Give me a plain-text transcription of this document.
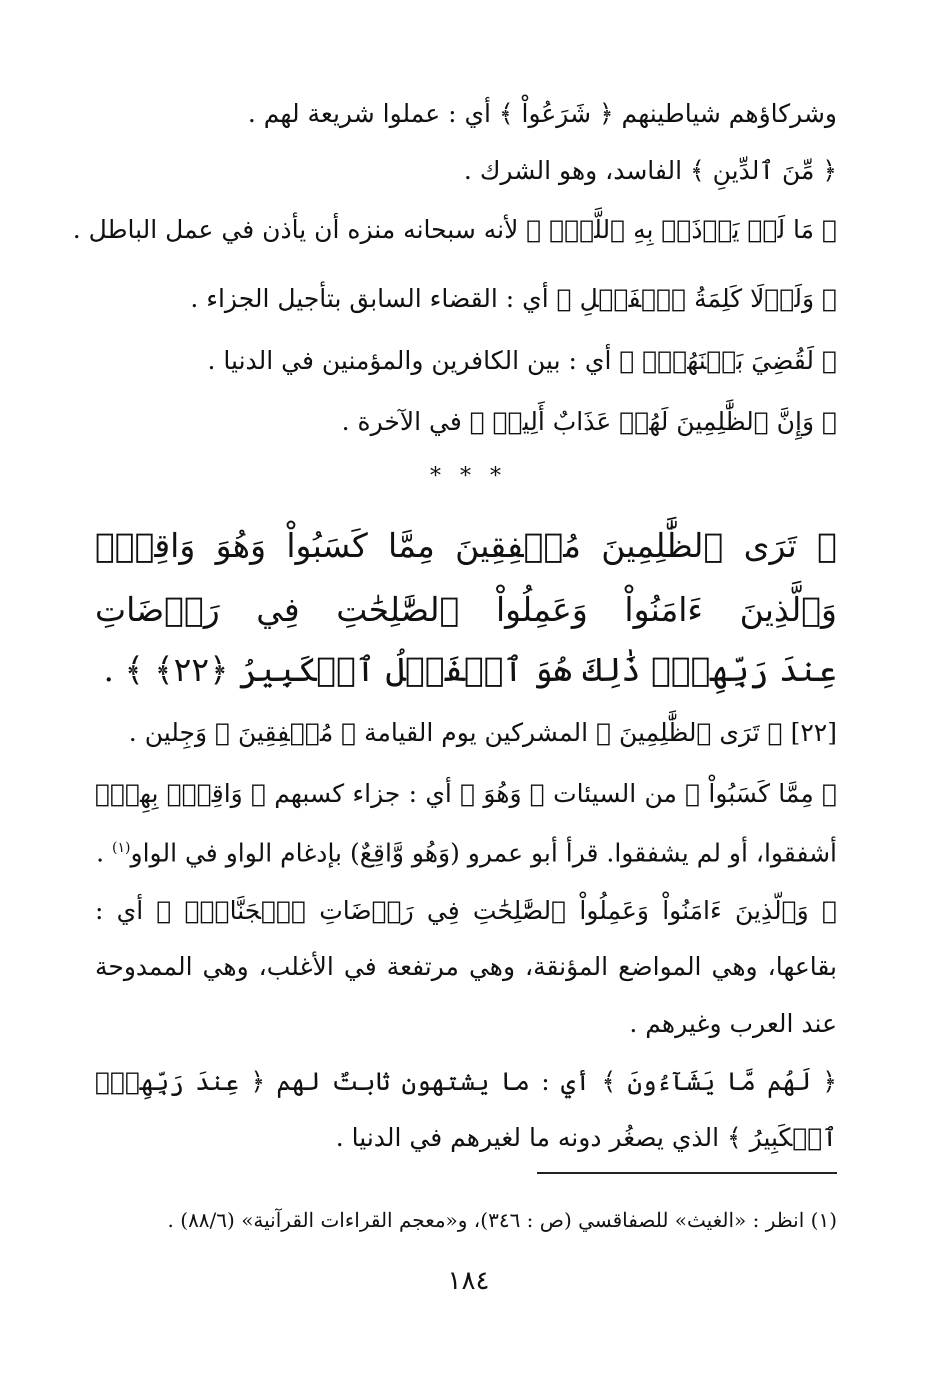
وشركاؤهم شياطينهم ﴿ شَرَعُواْ ﴾ أي : عملوا شريعة لهم .
﴿ مِّنَ ٱلدِّينِ ﴾ الفاسد، وهو الشرك .
﴿ مَا لَمۡ يَأۡذَنۢ بِهِ ٱللَّهُۚ ﴾ لأنه سبحانه منزه أن يأذن في عمل الباطل .
﴿ وَلَوۡلَا كَلِمَةُ ٱلۡفَصۡلِ ﴾ أي : القضاء السابق بتأجيل الجزاء .
﴿ لَقُضِيَ بَيۡنَهُمۡۗ ﴾ أي : بين الكافرين والمؤمنين في الدنيا .
﴿ وَإِنَّ ٱلظَّٰلِمِينَ لَهُمۡ عَذَابٌ أَلِيمٞ ﴾ في الآخرة .
* * *
﴿ تَرَى ٱلظَّٰلِمِينَ مُشۡفِقِينَ مِمَّا كَسَبُواْ وَهُوَ وَاقِعُۢ
وَٱلَّذِينَ ءَامَنُواْ وَعَمِلُواْ ٱلصَّٰلِحَٰتِ فِي رَوۡضَاتِ
عِندَ رَبِّهِمۡۚ ذَٰلِكَ هُوَ ٱلۡفَضۡلُ ٱلۡكَبِيرُ ﴿٢٢﴾ ﴾ .
[٢٢] ﴿ تَرَى ٱلظَّٰلِمِينَ ﴾ المشركين يوم القيامة ﴿ مُشۡفِقِينَ ﴾ وَجِلين .
﴿ مِمَّا كَسَبُواْ ﴾ من السيئات ﴿ وَهُوَ ﴾ أي : جزاء كسبهم ﴿ وَاقِعُۢ بِهِمۡۗ
أشفقوا، أو لم يشفقوا. قرأ أبو عمرو (وَهُو وَّاقِعٌ) بإدغام الواو في الواو$^{(١)}$ .
﴿ وَٱلَّذِينَ ءَامَنُواْ وَعَمِلُواْ ٱلصَّٰلِحَٰتِ فِي رَوۡضَاتِ ٱلۡجَنَّاتِۖ ﴾ أي :
بقاعها، وهي المواضع المؤنقة، وهي مرتفعة في الأغلب، وهي الممدوحة
عند العرب وغيرهم .
﴿ لَهُم مَّا يَشَآءُونَ ﴾ أي : ما يشتهون ثابتٌ لهم ﴿ عِندَ رَبِّهِمۡۚ
ٱلۡكَبِيرُ ﴾ الذي يصغُر دونه ما لغيرهم في الدنيا .
(١) انظر : «الغيث» للصفاقسي (ص : ٣٤٦)، و«معجم القراءات القرآنية» (٨٨/٦) .
١٨٤
